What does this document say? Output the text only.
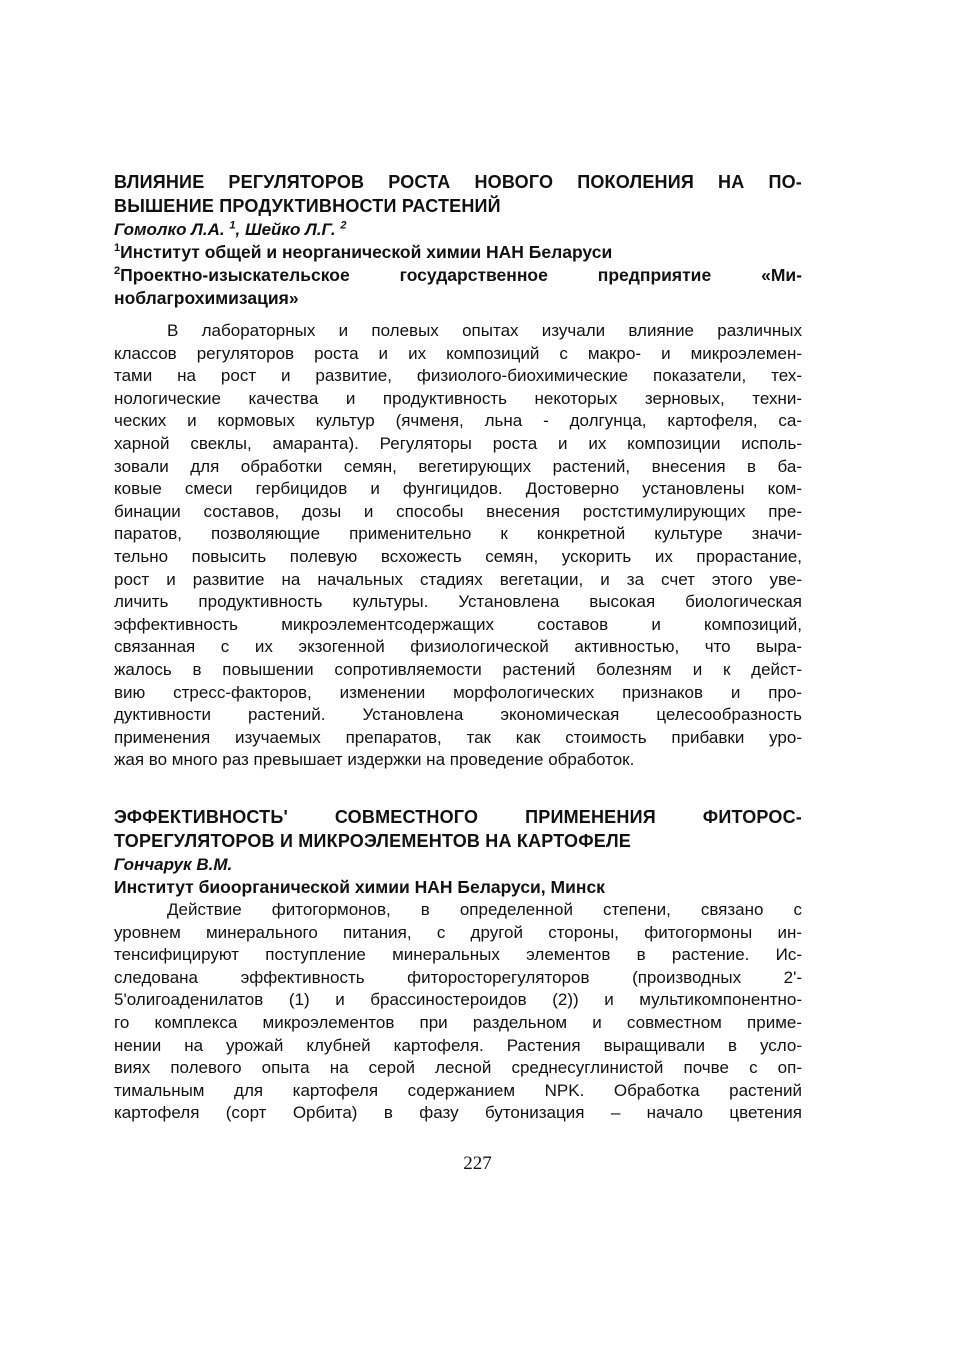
ВЛИЯНИЕ РЕГУЛЯТОРОВ РОСТА НОВОГО ПОКОЛЕНИЯ НА ПО-
ВЫШЕНИЕ ПРОДУКТИВНОСТИ РАСТЕНИЙ

Гомолко Л.А. $^1$, Шейко Л.Г. $^2$

$^1$Институт общей и неорганической химии НАН Беларуси
$^2$Проектно-изыскательское государственное предприятие «Ми-
ноблагрохимизация»
В лабораторных и полевых опытах изучали влияние различных
классов регуляторов роста и их композиций с макро- и микроэлемен-
тами на рост и развитие, физиолого-биохимические показатели, тех-
нологические качества и продуктивность некоторых зерновых, техни-
ческих и кормовых культур (ячменя, льна - долгунца, картофеля, са-
харной свеклы, амаранта). Регуляторы роста и их композиции исполь-
зовали для обработки семян, вегетирующих растений, внесения в ба-
ковые смеси гербицидов и фунгицидов. Достоверно установлены ком-
бинации составов, дозы и способы внесения ростстимулирующих пре-
паратов, позволяющие применительно к конкретной культуре значи-
тельно повысить полевую всхожесть семян, ускорить их прорастание,
рост и развитие на начальных стадиях вегетации, и за счет этого уве-
личить продуктивность культуры. Установлена высокая биологическая
эффективность микроэлементсодержащих составов и композиций,
связанная с их экзогенной физиологической активностью, что выра-
жалось в повышении сопротивляемости растений болезням и к дейст-
вию стресс-факторов, изменении морфологических признаков и про-
дуктивности растений. Установлена экономическая целесообразность
применения изучаемых препаратов, так как стоимость прибавки уро-
жая во много раз превышает издержки на проведение обработок.
ЭФФЕКТИВНОСТЬ' СОВМЕСТНОГО ПРИМЕНЕНИЯ ФИТОРОС-
ТОРЕГУЛЯТОРОВ И МИКРОЭЛЕМЕНТОВ НА КАРТОФЕЛЕ

Гончарук В.М.

Институт биоорганической химии НАН Беларуси, Минск
Действие фитогормонов, в определенной степени, связано с
уровнем минерального питания, с другой стороны, фитогормоны ин-
тенсифицируют поступление минеральных элементов в растение. Ис-
следована эффективность фиторосторегуляторов (производных 2'-
5'олигоаденилатов (1) и брассиностероидов (2)) и мультикомпонентно-
го комплекса микроэлементов при раздельном и совместном приме-
нении на урожай клубней картофеля. Растения выращивали в усло-
виях полевого опыта на серой лесной среднесуглинистой почве с оп-
тимальным для картофеля содержанием NPK. Обработка растений
картофеля (сорт Орбита) в фазу бутонизация – начало цветения
227
